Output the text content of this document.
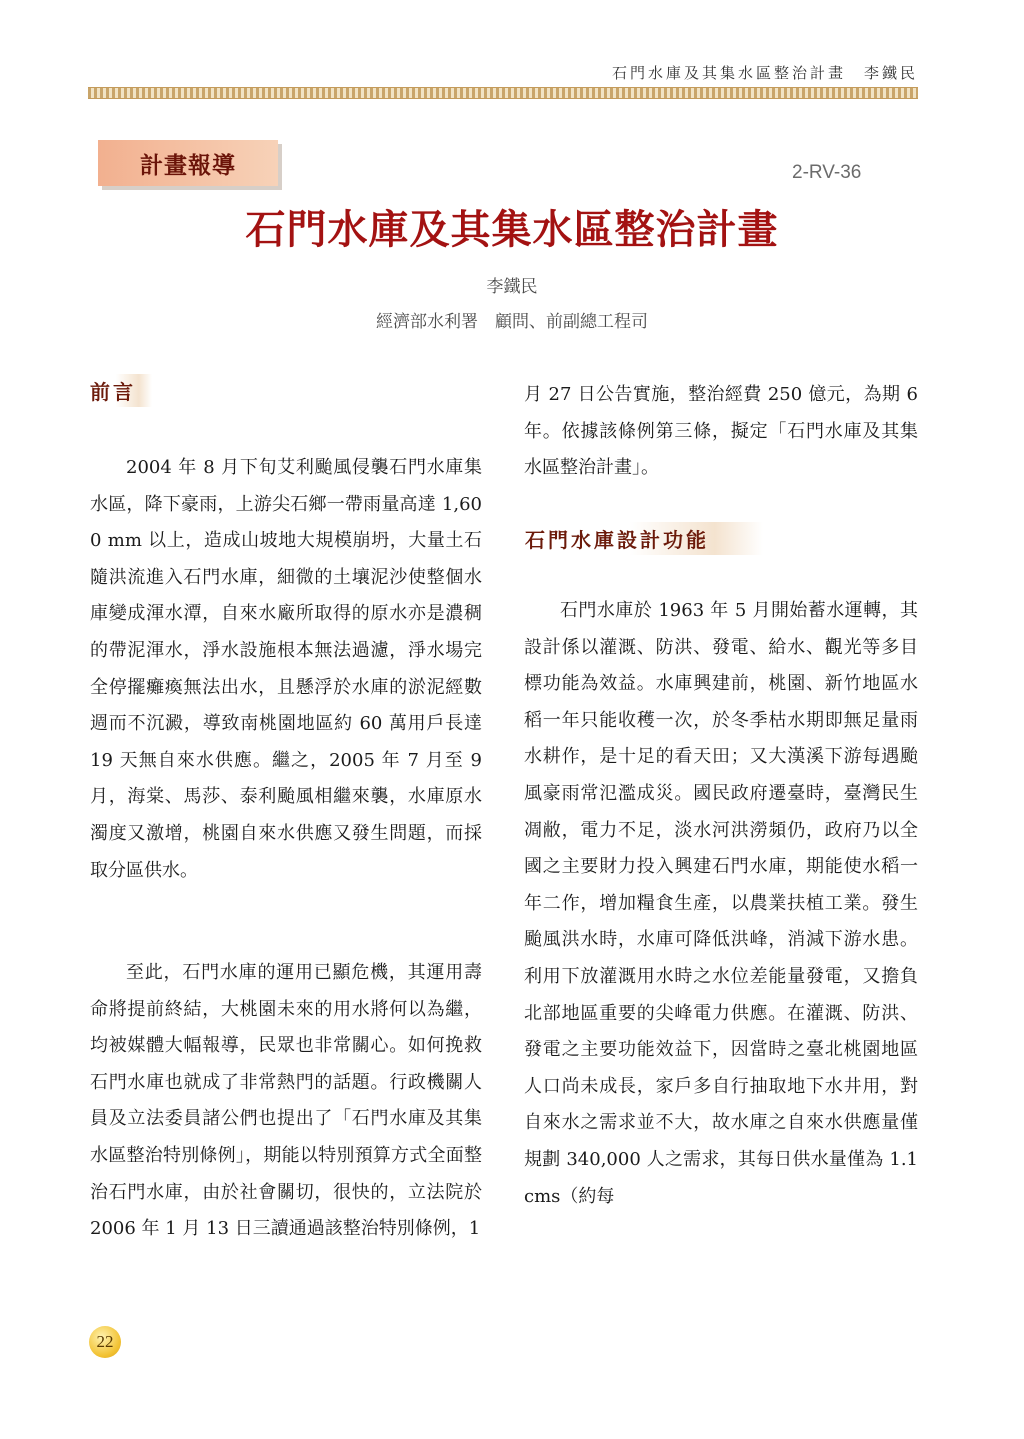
石門水庫及其集水區整治計畫　李鐵民
計畫報導	2-RV-36
石門水庫及其集水區整治計畫
李鐵民
經濟部水利署　顧問、前副總工程司
前言

2004 年 8 月下旬艾利颱風侵襲石門水庫集水區，降下豪雨，上游尖石鄉一帶雨量高達 1,600 mm 以上，造成山坡地大規模崩坍，大量土石隨洪流進入石門水庫，細微的土壤泥沙使整個水庫變成渾水潭，自來水廠所取得的原水亦是濃稠的帶泥渾水，淨水設施根本無法過濾，淨水場完全停擺癱瘓無法出水，且懸浮於水庫的淤泥經數週而不沉澱，導致南桃園地區約 60 萬用戶長達 19 天無自來水供應。繼之，2005 年 7 月至 9 月，海棠、馬莎、泰利颱風相繼來襲，水庫原水濁度又激增，桃園自來水供應又發生問題，而採取分區供水。

至此，石門水庫的運用已顯危機，其運用壽命將提前終結，大桃園未來的用水將何以為繼，均被媒體大幅報導，民眾也非常關心。如何挽救石門水庫也就成了非常熱門的話題。行政機關人員及立法委員諸公們也提出了「石門水庫及其集水區整治特別條例」，期能以特別預算方式全面整治石門水庫，由於社會關切，很快的，立法院於 2006 年 1 月 13 日三讀通過該整治特別條例，1

月 27 日公告實施，整治經費 250 億元，為期 6 年。依據該條例第三條，擬定「石門水庫及其集水區整治計畫」。

石門水庫設計功能

石門水庫於 1963 年 5 月開始蓄水運轉，其設計係以灌溉、防洪、發電、給水、觀光等多目標功能為效益。水庫興建前，桃園、新竹地區水稻一年只能收穫一次，於冬季枯水期即無足量雨水耕作，是十足的看天田；又大漢溪下游每遇颱風豪雨常氾濫成災。國民政府遷臺時，臺灣民生凋敝，電力不足，淡水河洪澇頻仍，政府乃以全國之主要財力投入興建石門水庫，期能使水稻一年二作，增加糧食生產，以農業扶植工業。發生颱風洪水時，水庫可降低洪峰，消減下游水患。利用下放灌溉用水時之水位差能量發電，又擔負北部地區重要的尖峰電力供應。在灌溉、防洪、發電之主要功能效益下，因當時之臺北桃園地區人口尚未成長，家戶多自行抽取地下水井用，對自來水之需求並不大，故水庫之自來水供應量僅規劃 340,000 人之需求，其每日供水量僅為 1.1 cms（約每

22
